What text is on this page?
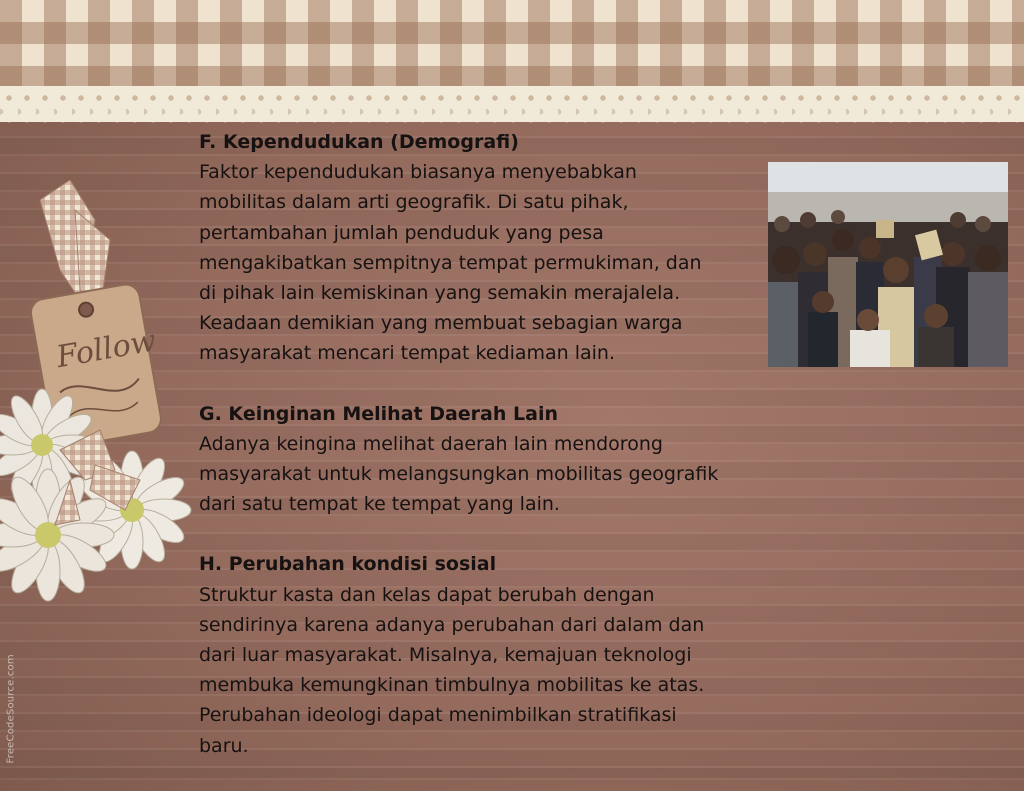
Follow
FreeCodeSource.com

F. Kependudukan (Demografi)

Faktor kependudukan biasanya menyebabkan

mobilitas dalam arti geografik. Di satu pihak,

pertambahan jumlah penduduk yang pesa

mengakibatkan sempitnya tempat permukiman, dan

di pihak lain kemiskinan yang semakin merajalela.

Keadaan demikian yang membuat sebagian warga

masyarakat mencari tempat kediaman lain.

G. Keinginan Melihat Daerah Lain

Adanya keingina melihat daerah lain mendorong

masyarakat untuk melangsungkan mobilitas geografik

dari satu tempat ke tempat yang lain.

H. Perubahan kondisi sosial

Struktur kasta dan kelas dapat berubah dengan

sendirinya karena adanya perubahan dari dalam dan

dari luar masyarakat. Misalnya, kemajuan teknologi

membuka kemungkinan timbulnya mobilitas ke atas.

Perubahan ideologi dapat menimbilkan stratifikasi

baru.
